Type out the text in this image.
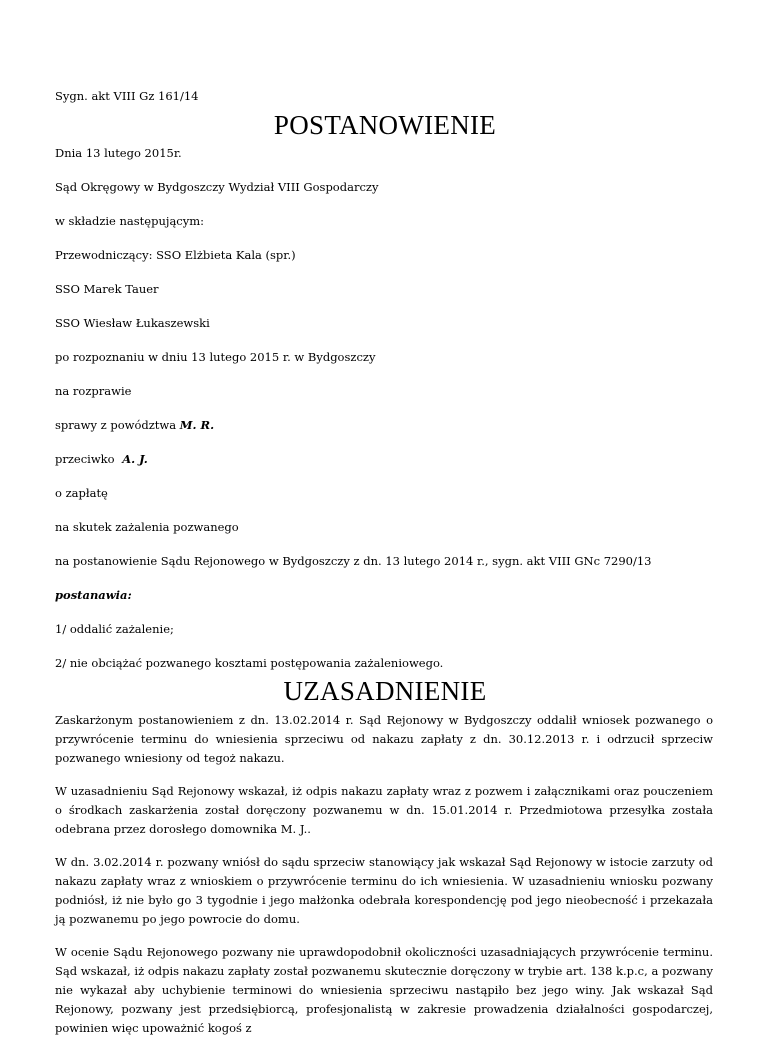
Sygn. akt VIII Gz 161/14
POSTANOWIENIE
Dnia 13 lutego 2015r.
Sąd Okręgowy w Bydgoszczy Wydział VIII Gospodarczy
w składzie następującym:
Przewodniczący: SSO Elżbieta Kala (spr.)
SSO Marek Tauer
SSO Wiesław Łukaszewski
po rozpoznaniu w dniu 13 lutego 2015 r. w Bydgoszczy
na rozprawie
sprawy z powództwa M. R.
przeciwko A. J.
o zapłatę
na skutek zażalenia pozwanego
na postanowienie Sądu Rejonowego w Bydgoszczy z dn. 13 lutego 2014 r., sygn. akt VIII GNc 7290/13
postanawia:
1/ oddalić zażalenie;
2/ nie obciążać pozwanego kosztami postępowania zażaleniowego.
UZASADNIENIE
Zaskarżonym postanowieniem z dn. 13.02.2014 r. Sąd Rejonowy w Bydgoszczy oddalił wniosek pozwanego o przywrócenie terminu do wniesienia sprzeciwu od nakazu zapłaty z dn. 30.12.2013 r. i odrzucił sprzeciw pozwanego wniesiony od tegoż nakazu.
W uzasadnieniu Sąd Rejonowy wskazał, iż odpis nakazu zapłaty wraz z pozwem i załącznikami oraz pouczeniem o środkach zaskarżenia został doręczony pozwanemu w dn. 15.01.2014 r. Przedmiotowa przesyłka została odebrana przez dorosłego domownika M. J..
W dn. 3.02.2014 r. pozwany wniósł do sądu sprzeciw stanowiący jak wskazał Sąd Rejonowy w istocie zarzuty od nakazu zapłaty wraz z wnioskiem o przywrócenie terminu do ich wniesienia. W uzasadnieniu wniosku pozwany podniósł, iż nie było go 3 tygodnie i jego małżonka odebrała korespondencję pod jego nieobecność i przekazała ją pozwanemu po jego powrocie do domu.
W ocenie Sądu Rejonowego pozwany nie uprawdopodobnił okoliczności uzasadniających przywrócenie terminu. Sąd wskazał, iż odpis nakazu zapłaty został pozwanemu skutecznie doręczony w trybie art. 138 k.p.c, a pozwany nie wykazał aby uchybienie terminowi do wniesienia sprzeciwu nastąpiło bez jego winy. Jak wskazał Sąd Rejonowy, pozwany jest przedsiębiorcą, profesjonalistą w zakresie prowadzenia działalności gospodarczej, powinien więc upoważnić kogoś z
